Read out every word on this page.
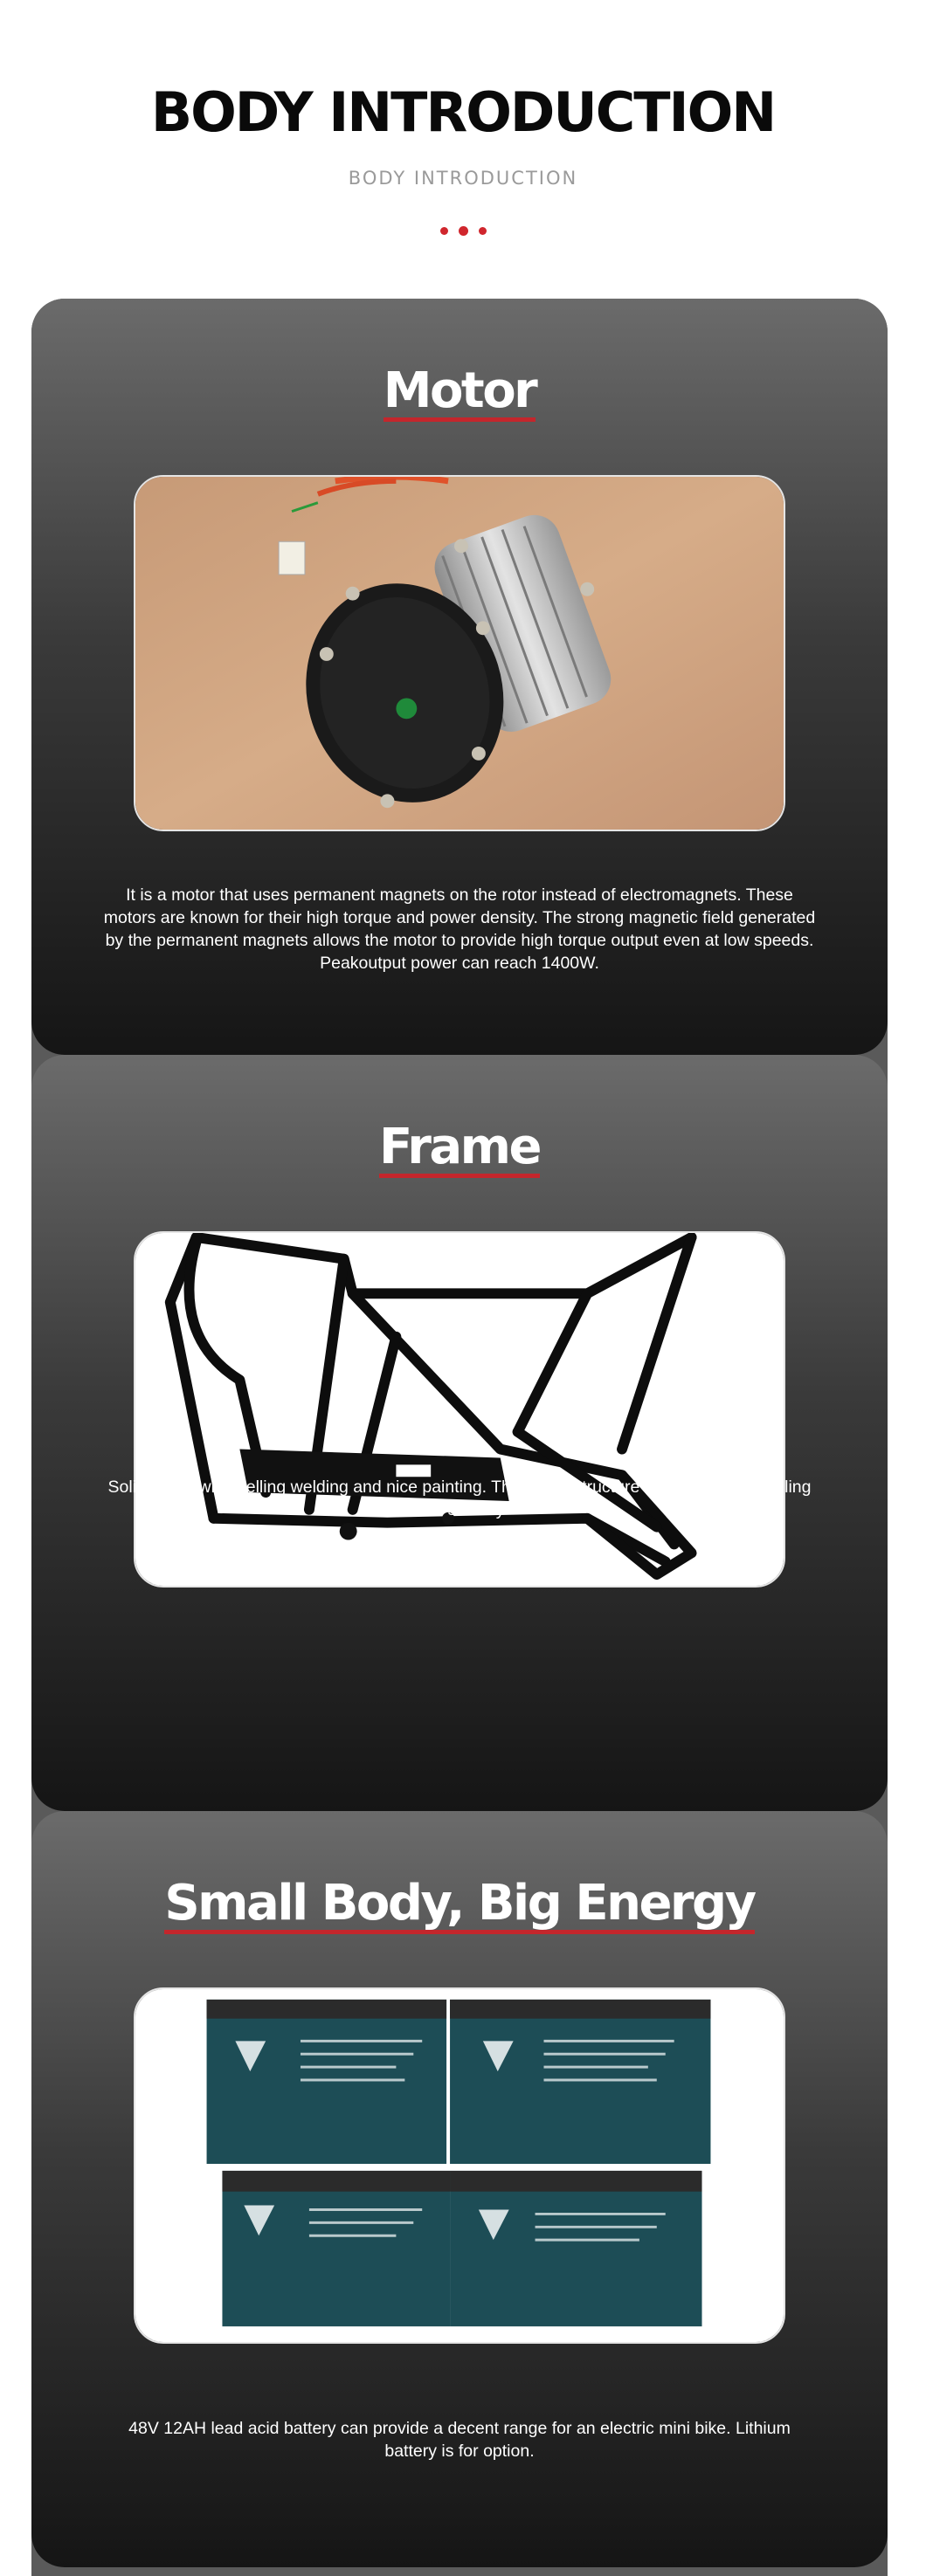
BODY INTRODUCTION
BODY INTRODUCTION
Motor
It is a motor that uses permanent magnets on the rotor instead of electromagnets. These motors are known for their high torque and power density. The strong magnetic field generated by the permanent magnets allows the motor to provide high torque output even at low speeds. Peakoutput power can reach 1400W.
Frame
Solid frame with welling welding and nice painting. The frame structure help improve handling and stability
Small Body, Big Energy
48V 12AH lead acid battery can provide a decent range for an electric mini bike. Lithium battery is for option.
